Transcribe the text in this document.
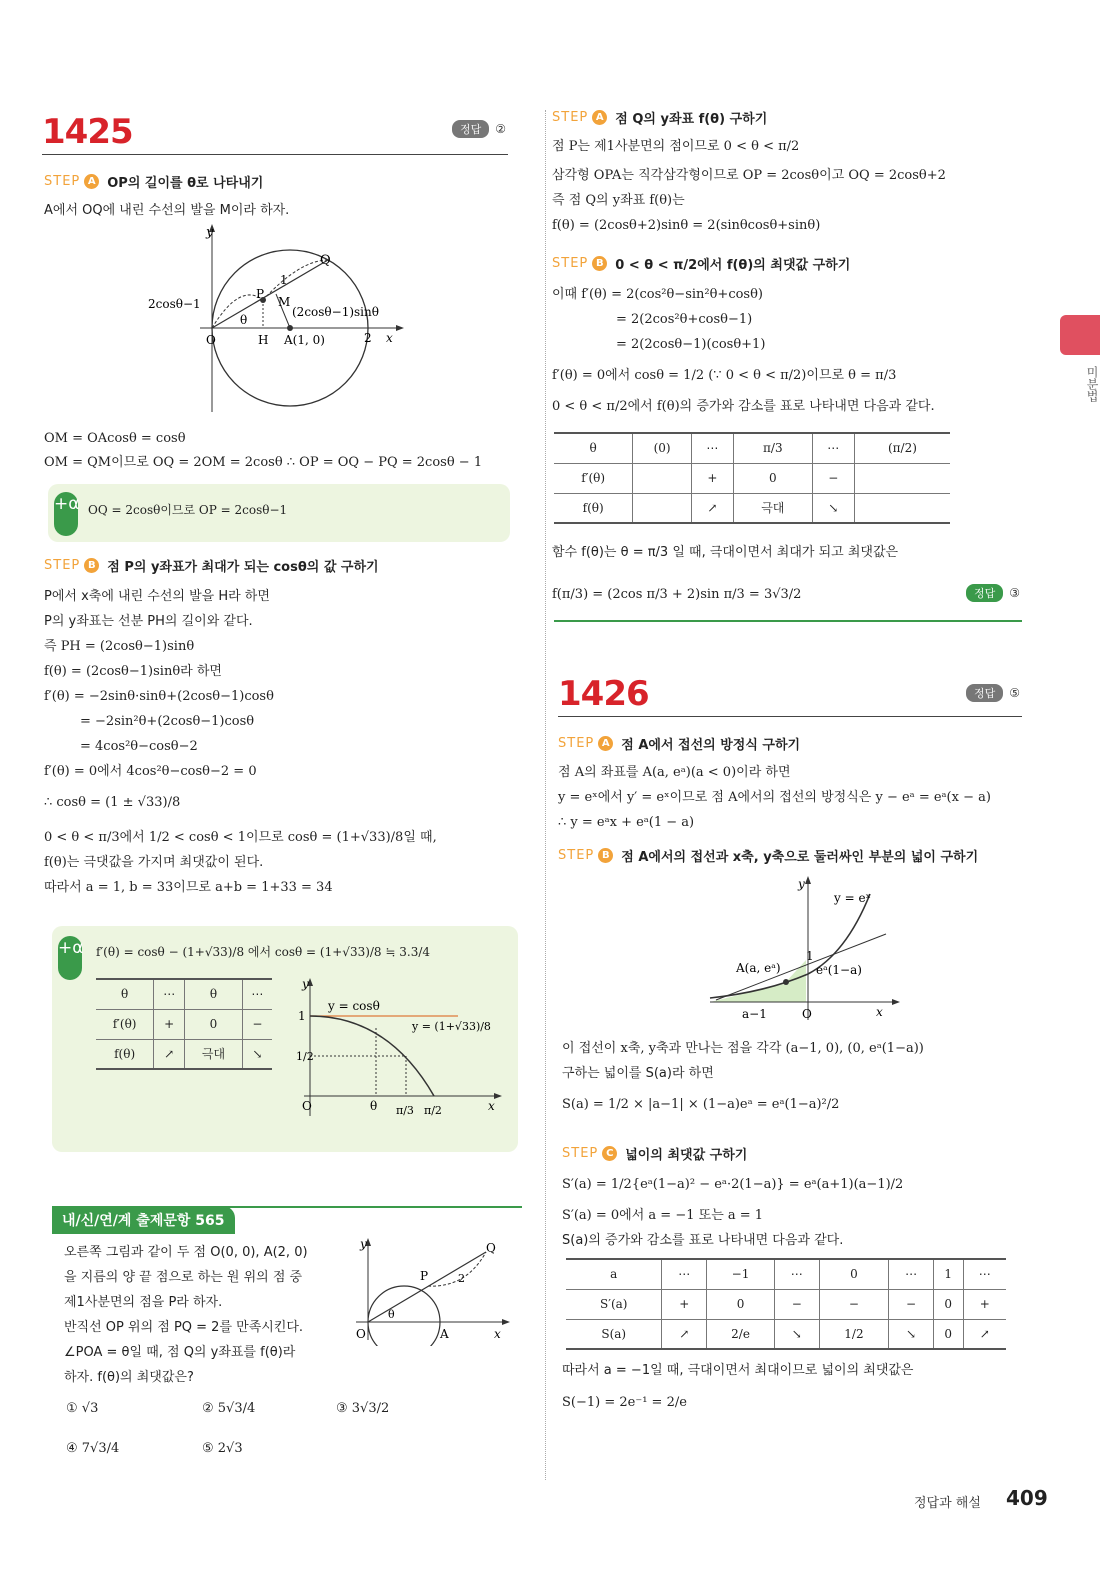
미분법
1425	정답	②
STEP A OP의 길이를 θ로 나타내기
A에서 OQ에 내린 수선의 발을 M이라 하자.
y
Q
1
P
M
2cosθ−1
θ
O	H A(1, 0)	2 x
(2cosθ−1)sinθ
OM = OAcosθ = cosθ
OM = QM이므로 OQ = 2OM = 2cosθ ∴ OP = OQ − PQ = 2cosθ − 1
+α OQ = 2cosθ이므로 OP = 2cosθ−1
STEP B 점 P의 y좌표가 최대가 되는 cosθ의 값 구하기
P에서 x축에 내린 수선의 발을 H라 하면
P의 y좌표는 선분 PH의 길이와 같다.
즉 PH = (2cosθ−1)sinθ
f(θ) = (2cosθ−1)sinθ라 하면
f′(θ) = −2sinθ·sinθ+(2cosθ−1)cosθ
= −2sin²θ+(2cosθ−1)cosθ
= 4cos²θ−cosθ−2
f′(θ) = 0에서 4cos²θ−cosθ−2 = 0
∴ cosθ = (1 ± √33)/8
0 < θ < π/3에서 1/2 < cosθ < 1이므로 cosθ = (1+√33)/8일 때,
f(θ)는 극댓값을 가지며 최댓값이 된다.
따라서 a = 1, b = 33이므로 a+b = 1+33 = 34
+α f′(θ) = cosθ − (1+√33)/8 에서 cosθ = (1+√33)/8 ≒ 3.3/4
θ	⋯	θ	⋯
f′(θ)	+	0	−
f(θ)	↗	극대	↘
y
1
1/2
y = cosθ
y = (1+√33)/8
O	θ π/3 π/2	x
내/신/연/계 출제문항 565
오른쪽 그림과 같이 두 점 O(0, 0), A(2, 0)
을 지름의 양 끝 점으로 하는 원 위의 점 중
제1사분면의 점을 P라 하자.
반직선 OP 위의 점 PQ = 2를 만족시킨다.
∠POA = θ일 때, 점 Q의 y좌표를 f(θ)라
하자. f(θ)의 최댓값은?
① √3	② 5√3/4	③ 3√3/2
④ 7√3/4	⑤ 2√3
y	Q
P	2
θ
O	A	x
STEP A 점 Q의 y좌표 f(θ) 구하기
점 P는 제1사분면의 점이므로 0 < θ < π/2
삼각형 OPA는 직각삼각형이므로 OP = 2cosθ이고 OQ = 2cosθ+2
즉 점 Q의 y좌표 f(θ)는
f(θ) = (2cosθ+2)sinθ = 2(sinθcosθ+sinθ)
STEP B 0 < θ < π/2에서 f(θ)의 최댓값 구하기
이때 f′(θ) = 2(cos²θ−sin²θ+cosθ)
= 2(2cos²θ+cosθ−1)
= 2(2cosθ−1)(cosθ+1)
f′(θ) = 0에서 cosθ = 1/2 (∵ 0 < θ < π/2)이므로 θ = π/3
0 < θ < π/2에서 f(θ)의 증가와 감소를 표로 나타내면 다음과 같다.
θ	(0)	⋯	π/3	⋯	(π/2)
f′(θ)		+	0	−	
f(θ)		↗	극대	↘	
함수 f(θ)는 θ = π/3 일 때, 극대이면서 최대가 되고 최댓값은
f(π/3) = (2cos π/3 + 2)sin π/3 = 3√3/2	정답	③
1426	정답	⑤
STEP A 점 A에서 접선의 방정식 구하기
점 A의 좌표를 A(a, eᵃ)(a < 0)이라 하면
y = eˣ에서 y′ = eˣ이므로 점 A에서의 접선의 방정식은 y − eᵃ = eᵃ(x − a)
∴ y = eᵃx + eᵃ(1 − a)
STEP B 점 A에서의 접선과 x축, y축으로 둘러싸인 부분의 넓이 구하기
y
y = eˣ
1
A(a, eᵃ)	eᵃ(1−a)
a−1	O	x
이 접선이 x축, y축과 만나는 점을 각각 (a−1, 0), (0, eᵃ(1−a))
구하는 넓이를 S(a)라 하면
S(a) = 1/2 × |a−1| × (1−a)eᵃ = eᵃ(1−a)²/2
STEP C 넓이의 최댓값 구하기
S′(a) = 1/2{eᵃ(1−a)² − eᵃ·2(1−a)} = eᵃ(a+1)(a−1)/2
S′(a) = 0에서 a = −1 또는 a = 1
S(a)의 증가와 감소를 표로 나타내면 다음과 같다.
a	⋯	−1	⋯	0	⋯	1	⋯
S′(a)	+	0	−	−	−	0	+
S(a)	↗	2/e	↘	1/2	↘	0	↗
따라서 a = −1일 때, 극대이면서 최대이므로 넓이의 최댓값은
S(−1) = 2e⁻¹ = 2/e
정답과 해설 409
